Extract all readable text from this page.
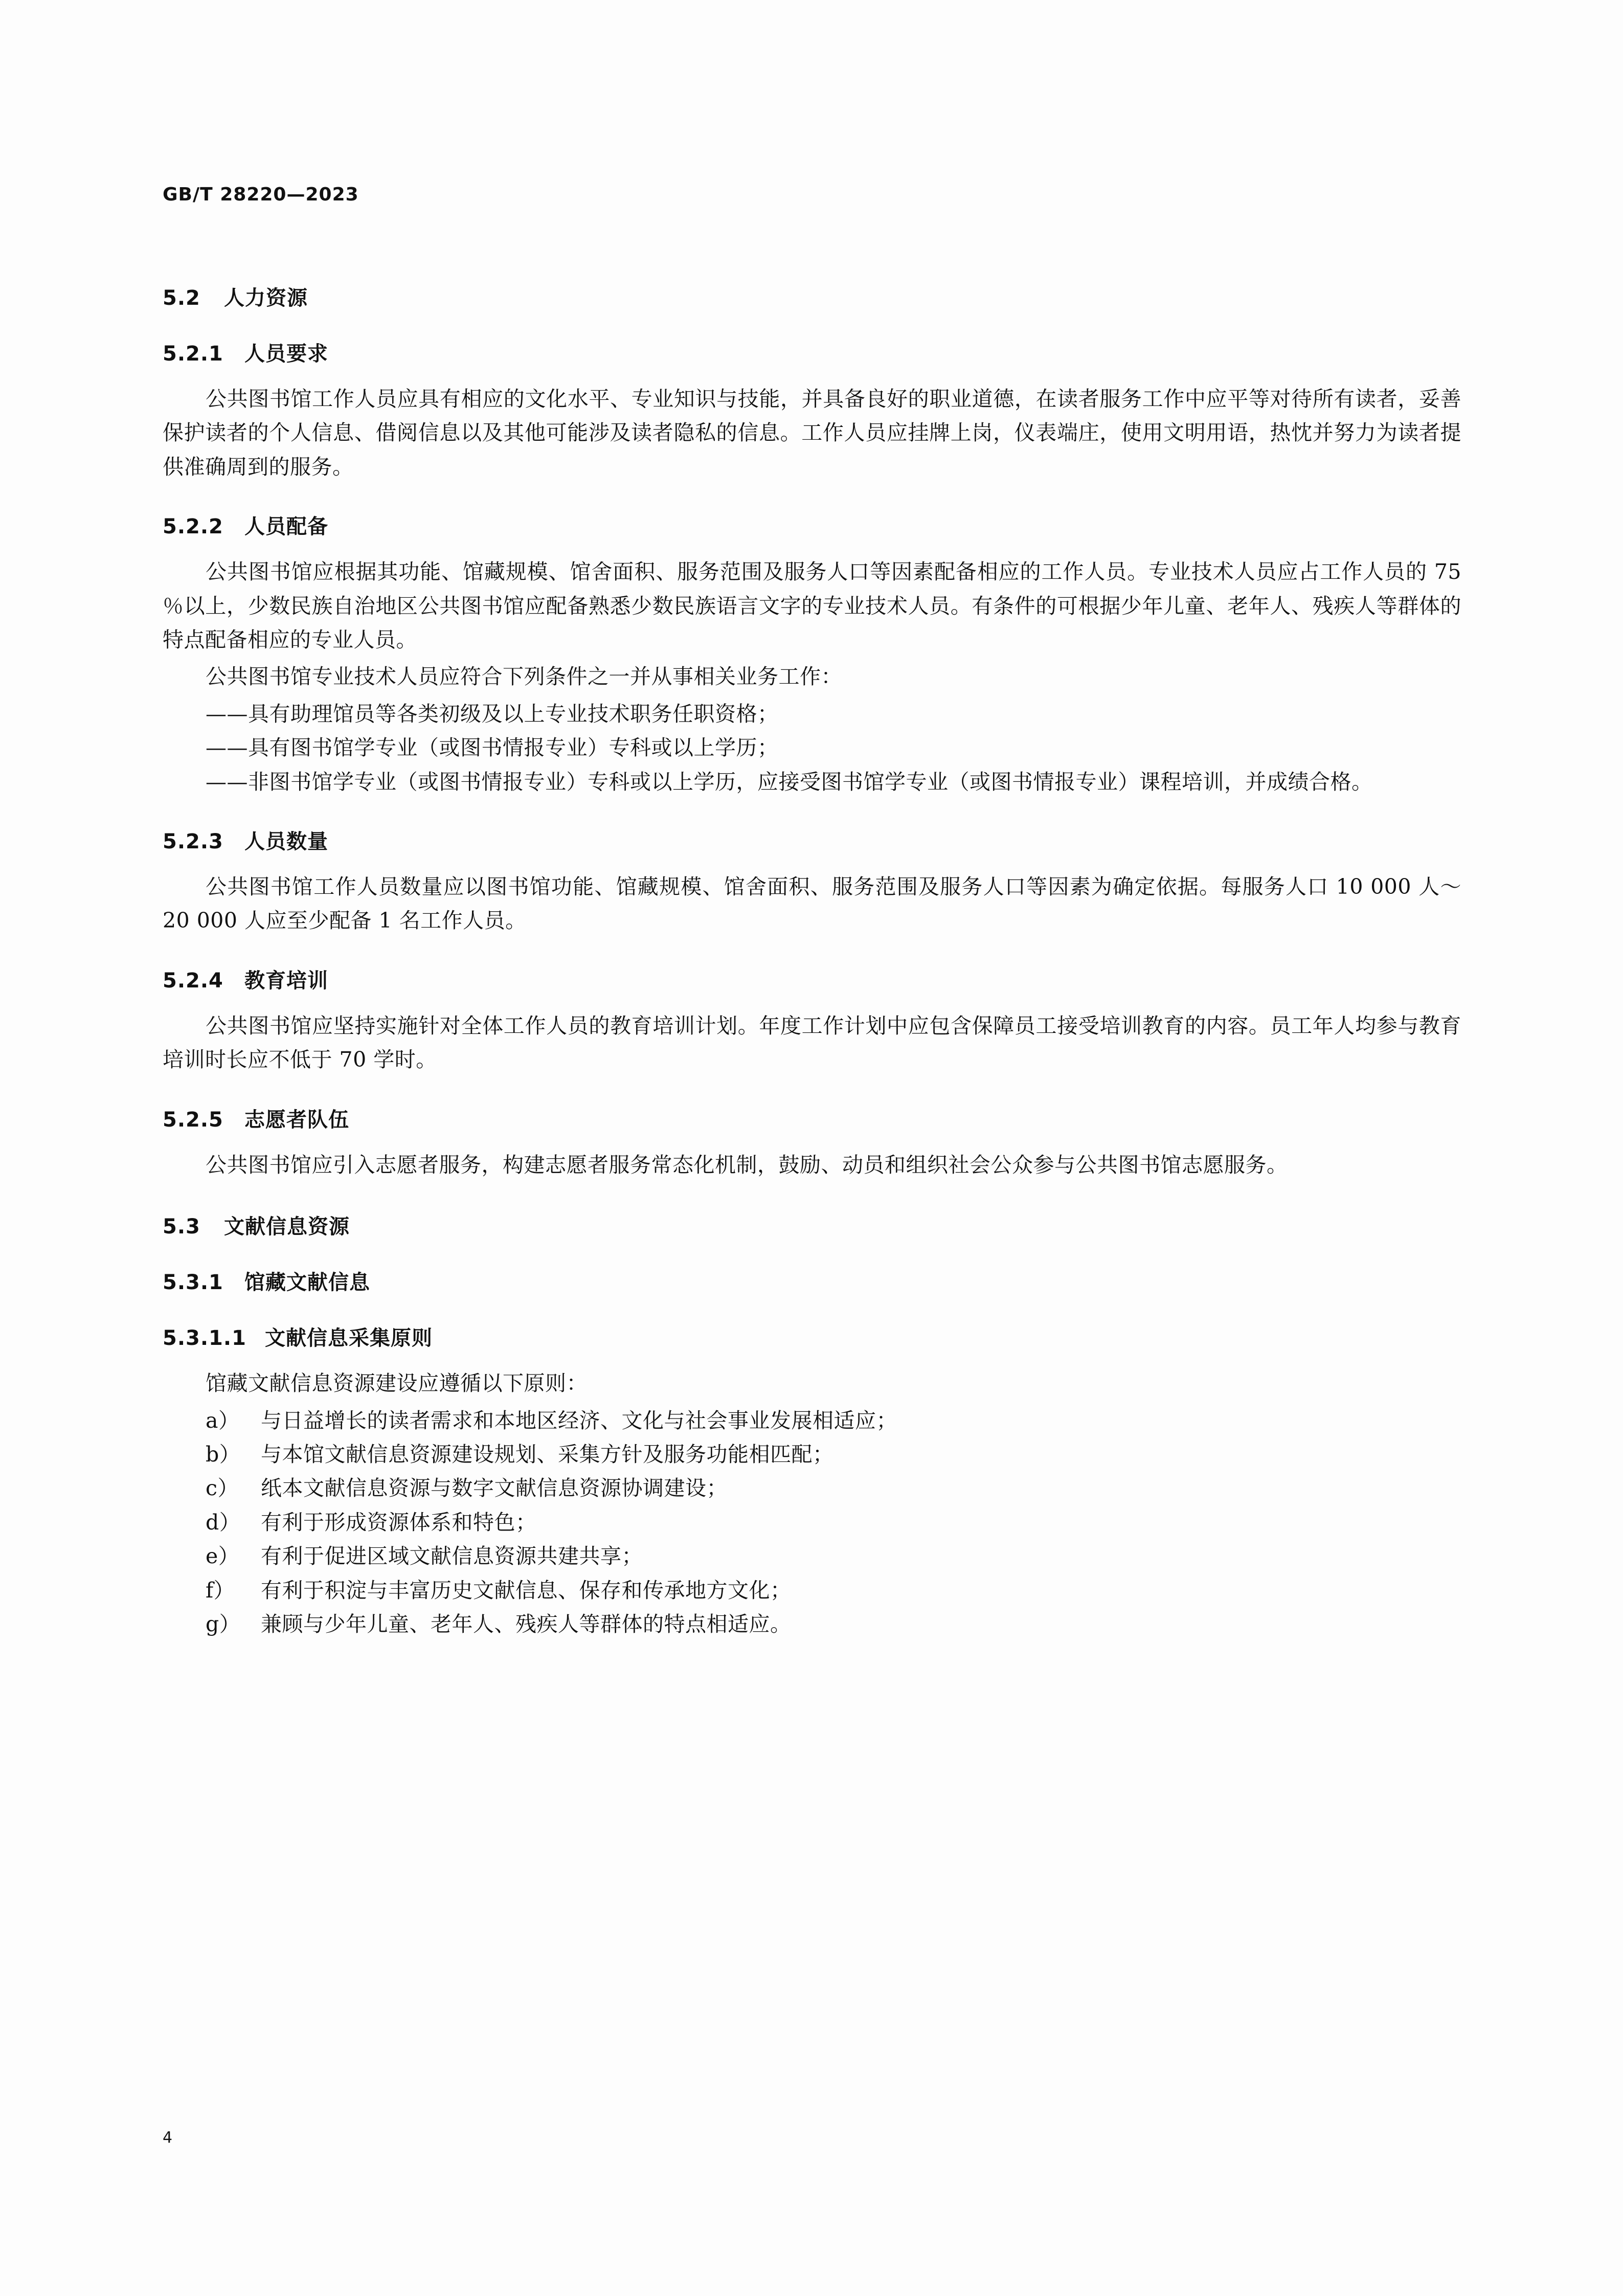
GB/T 28220—2023
5.2 人力资源
5.2.1 人员要求

公共图书馆工作人员应具有相应的文化水平、专业知识与技能，并具备良好的职业道德，在读者服务工作中应平等对待所有读者，妥善保护读者的个人信息、借阅信息以及其他可能涉及读者隐私的信息。工作人员应挂牌上岗，仪表端庄，使用文明用语，热忱并努力为读者提供准确周到的服务。

5.2.2 人员配备

公共图书馆应根据其功能、馆藏规模、馆舍面积、服务范围及服务人口等因素配备相应的工作人员。专业技术人员应占工作人员的 75 ％以上，少数民族自治地区公共图书馆应配备熟悉少数民族语言文字的专业技术人员。有条件的可根据少年儿童、老年人、残疾人等群体的特点配备相应的专业人员。

公共图书馆专业技术人员应符合下列条件之一并从事相关业务工作：

——具有助理馆员等各类初级及以上专业技术职务任职资格；

——具有图书馆学专业（或图书情报专业）专科或以上学历；

——非图书馆学专业（或图书情报专业）专科或以上学历，应接受图书馆学专业（或图书情报专业）课程培训，并成绩合格。

5.2.3 人员数量

公共图书馆工作人员数量应以图书馆功能、馆藏规模、馆舍面积、服务范围及服务人口等因素为确定依据。每服务人口 10 000 人～20 000 人应至少配备 1 名工作人员。

5.2.4 教育培训

公共图书馆应坚持实施针对全体工作人员的教育培训计划。年度工作计划中应包含保障员工接受培训教育的内容。员工年人均参与教育培训时长应不低于 70 学时。

5.2.5 志愿者队伍

公共图书馆应引入志愿者服务，构建志愿者服务常态化机制，鼓励、动员和组织社会公众参与公共图书馆志愿服务。

5.3 文献信息资源
5.3.1 馆藏文献信息
5.3.1.1 文献信息采集原则

馆藏文献信息资源建设应遵循以下原则：

a）	与日益增长的读者需求和本地区经济、文化与社会事业发展相适应；
b） 与本馆文献信息资源建设规划、采集方针及服务功能相匹配；
c）	纸本文献信息资源与数字文献信息资源协调建设；
d） 有利于形成资源体系和特色；
e）	有利于促进区域文献信息资源共建共享；
f）	有利于积淀与丰富历史文献信息、保存和传承地方文化；
g） 兼顾与少年儿童、老年人、残疾人等群体的特点相适应。
4
